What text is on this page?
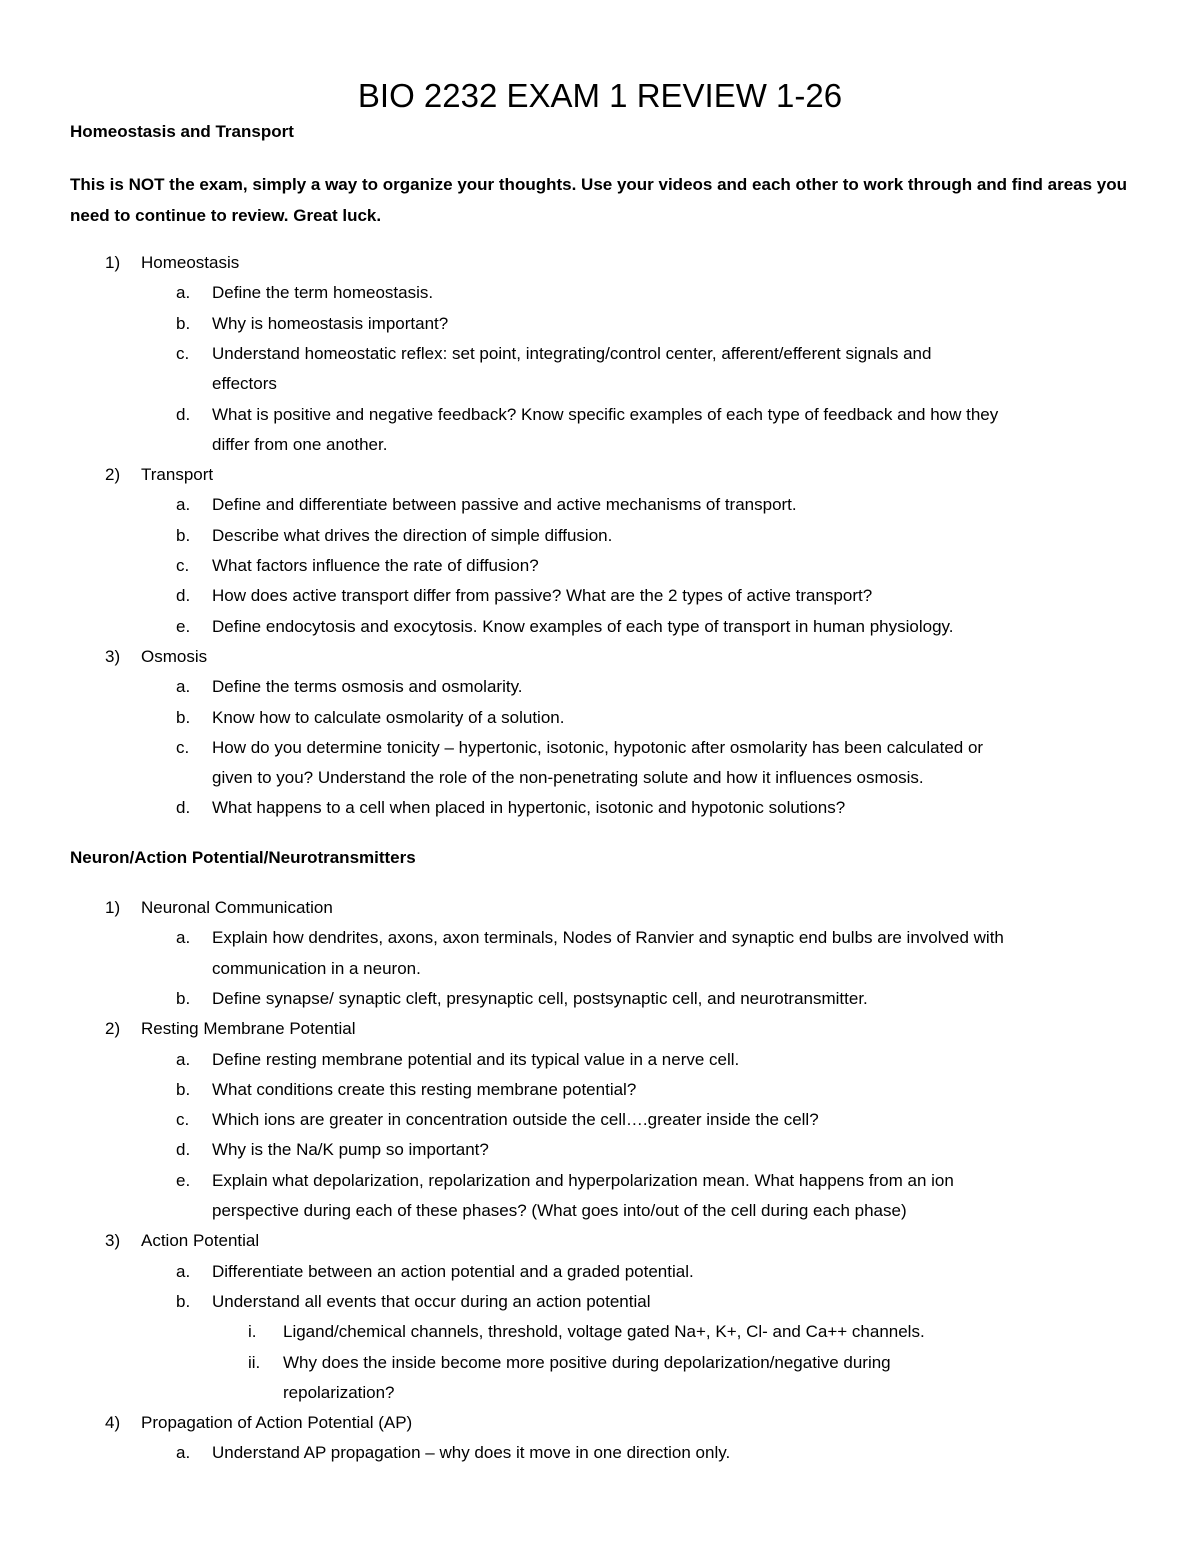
BIO 2232 EXAM 1 REVIEW 1-26
Homeostasis and Transport

This is NOT the exam, simply a way to organize your thoughts. Use your videos and each other to work through and find areas you need to continue to review. Great luck.

Neuron/Action Potential/Neurotransmitters
1) Homeostasis
a. Define the term homeostasis.
b. Why is homeostasis important?
c. Understand homeostatic reflex: set point, integrating/control center, afferent/efferent signals and
effectors
d. What is positive and negative feedback? Know specific examples of each type of feedback and how they
differ from one another.
2) Transport
a. Define and differentiate between passive and active mechanisms of transport.
b. Describe what drives the direction of simple diffusion.
c. What factors influence the rate of diffusion?
d. How does active transport differ from passive? What are the 2 types of active transport?
e. Define endocytosis and exocytosis. Know examples of each type of transport in human physiology.
3) Osmosis
a. Define the terms osmosis and osmolarity.
b. Know how to calculate osmolarity of a solution.
c. How do you determine tonicity – hypertonic, isotonic, hypotonic after osmolarity has been calculated or
given to you? Understand the role of the non-penetrating solute and how it influences osmosis.
d. What happens to a cell when placed in hypertonic, isotonic and hypotonic solutions?
1) Neuronal Communication
a. Explain how dendrites, axons, axon terminals, Nodes of Ranvier and synaptic end bulbs are involved with
communication in a neuron.
b. Define synapse/ synaptic cleft, presynaptic cell, postsynaptic cell, and neurotransmitter.
2) Resting Membrane Potential
a. Define resting membrane potential and its typical value in a nerve cell.
b. What conditions create this resting membrane potential?
c. Which ions are greater in concentration outside the cell….greater inside the cell?
d. Why is the Na/K pump so important?
e. Explain what depolarization, repolarization and hyperpolarization mean. What happens from an ion
perspective during each of these phases? (What goes into/out of the cell during each phase)
3) Action Potential
a. Differentiate between an action potential and a graded potential.
b. Understand all events that occur during an action potential
i. Ligand/chemical channels, threshold, voltage gated Na+, K+, Cl- and Ca++ channels.
ii. Why does the inside become more positive during depolarization/negative during
repolarization?
4) Propagation of Action Potential (AP)
a. Understand AP propagation – why does it move in one direction only.
